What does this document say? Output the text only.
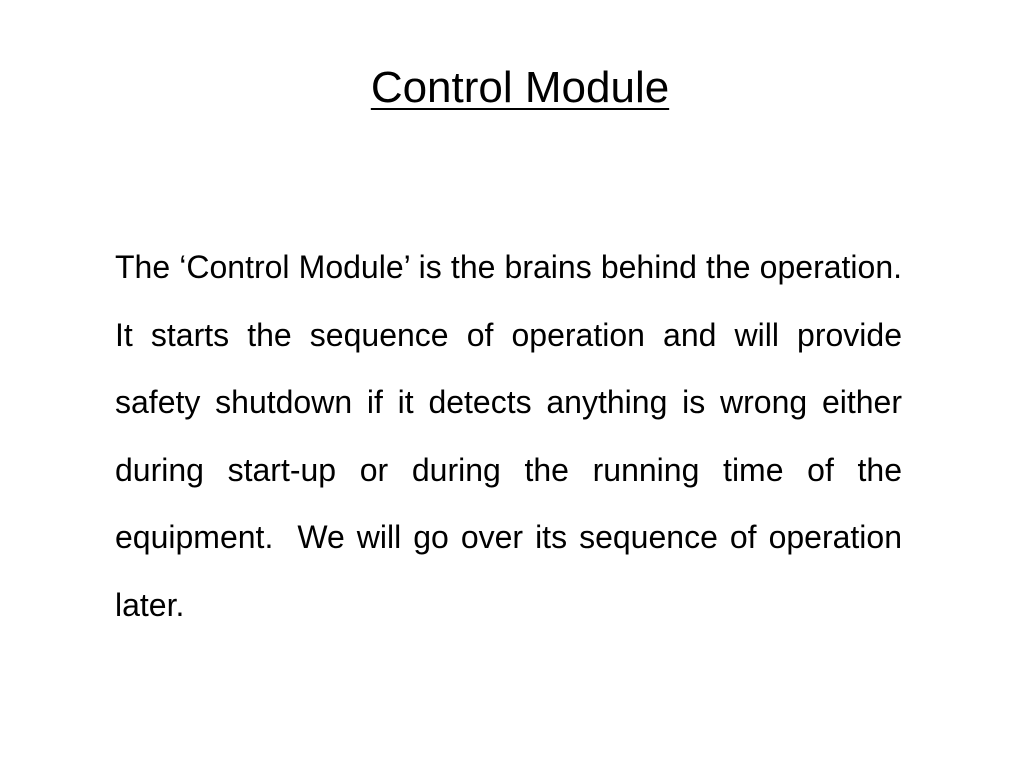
Control Module

The ‘Control Module’ is the brains behind the operation.  It starts the sequence of operation and will provide safety shutdown if it detects anything is wrong either during start-up or during the running time of the equipment.  We will go over its sequence of operation later.
